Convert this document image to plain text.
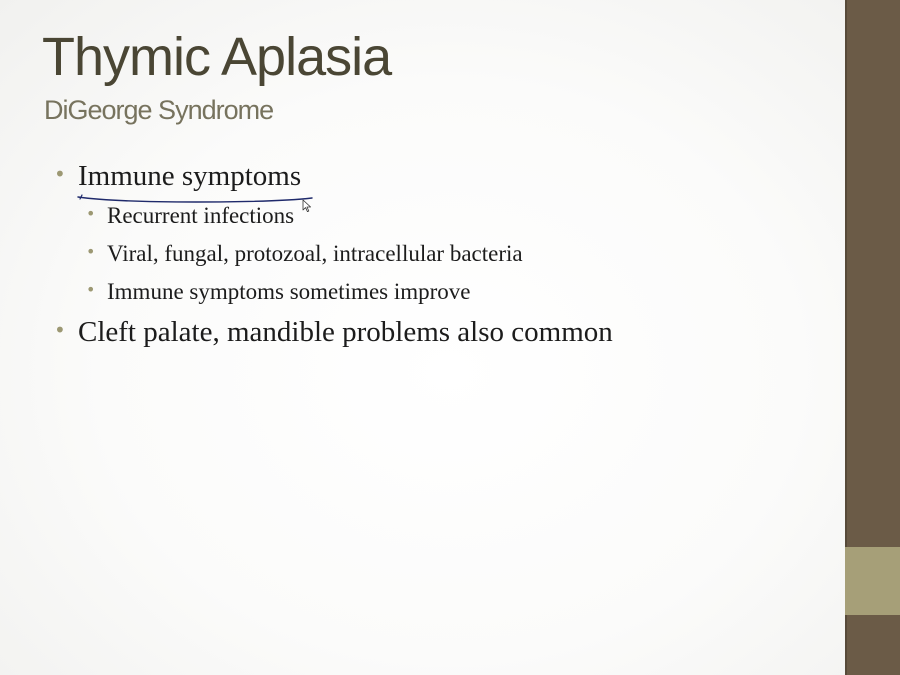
Thymic Aplasia
DiGeorge Syndrome
• Immune symptoms
• Recurrent infections
• Viral, fungal, protozoal, intracellular bacteria
• Immune symptoms sometimes improve
• Cleft palate, mandible problems also common
